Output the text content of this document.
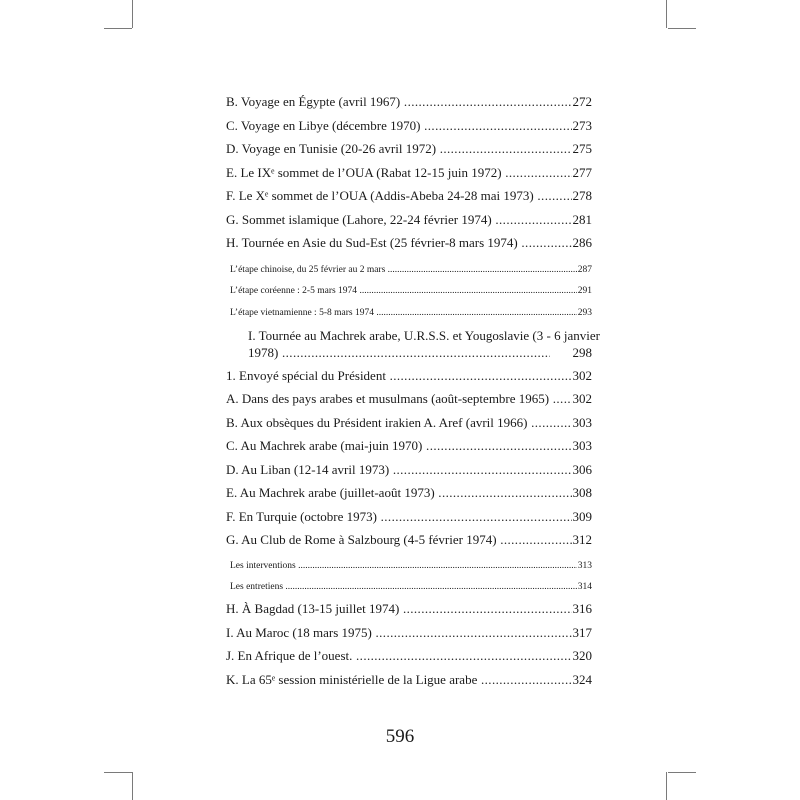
B. Voyage en Égypte (avril 1967) .....	272
C. Voyage en Libye (décembre 1970) .....	273
D. Voyage en Tunisie (20-26 avril 1972) .....	275
E. Le IXᵉ sommet de l’OUA (Rabat 12-15 juin 1972) .....	277
F. Le Xᵉ sommet de l’OUA (Addis-Abeba 24-28 mai 1973) .....	278
G. Sommet islamique (Lahore, 22-24 février 1974) .....	281
H. Tournée en Asie du Sud-Est (25 février-8 mars 1974) .....	286
L’étape chinoise, du 25 février au 2 mars .....	287
L’étape coréenne : 2-5 mars 1974 .....	291
L’étape vietnamienne : 5-8 mars 1974 .....	293
I. Tournée au Machrek arabe, U.R.S.S. et Yougoslavie (3 - 6 janvier
1978) .....	298
1. Envoyé spécial du Président .....	302
A. Dans des pays arabes et musulmans (août-septembre 1965) ..... 302
B. Aux obsèques du Président irakien A. Aref (avril 1966) .....	303
C. Au Machrek arabe (mai-juin 1970) .....	303
D. Au Liban (12-14 avril 1973) .....	306
E. Au Machrek arabe (juillet-août 1973) .....	308
F. En Turquie (octobre 1973) .....	309
G. Au Club de Rome à Salzbourg (4-5 février 1974) .....	312
Les interventions .....	313
Les entretiens .....	314
H. À Bagdad (13-15 juillet 1974) .....	316
I. Au Maroc (18 mars 1975) .....	317
J. En Afrique de l’ouest. .....	320
K. La 65ᵉ session ministérielle de la Ligue arabe .....	324
596
